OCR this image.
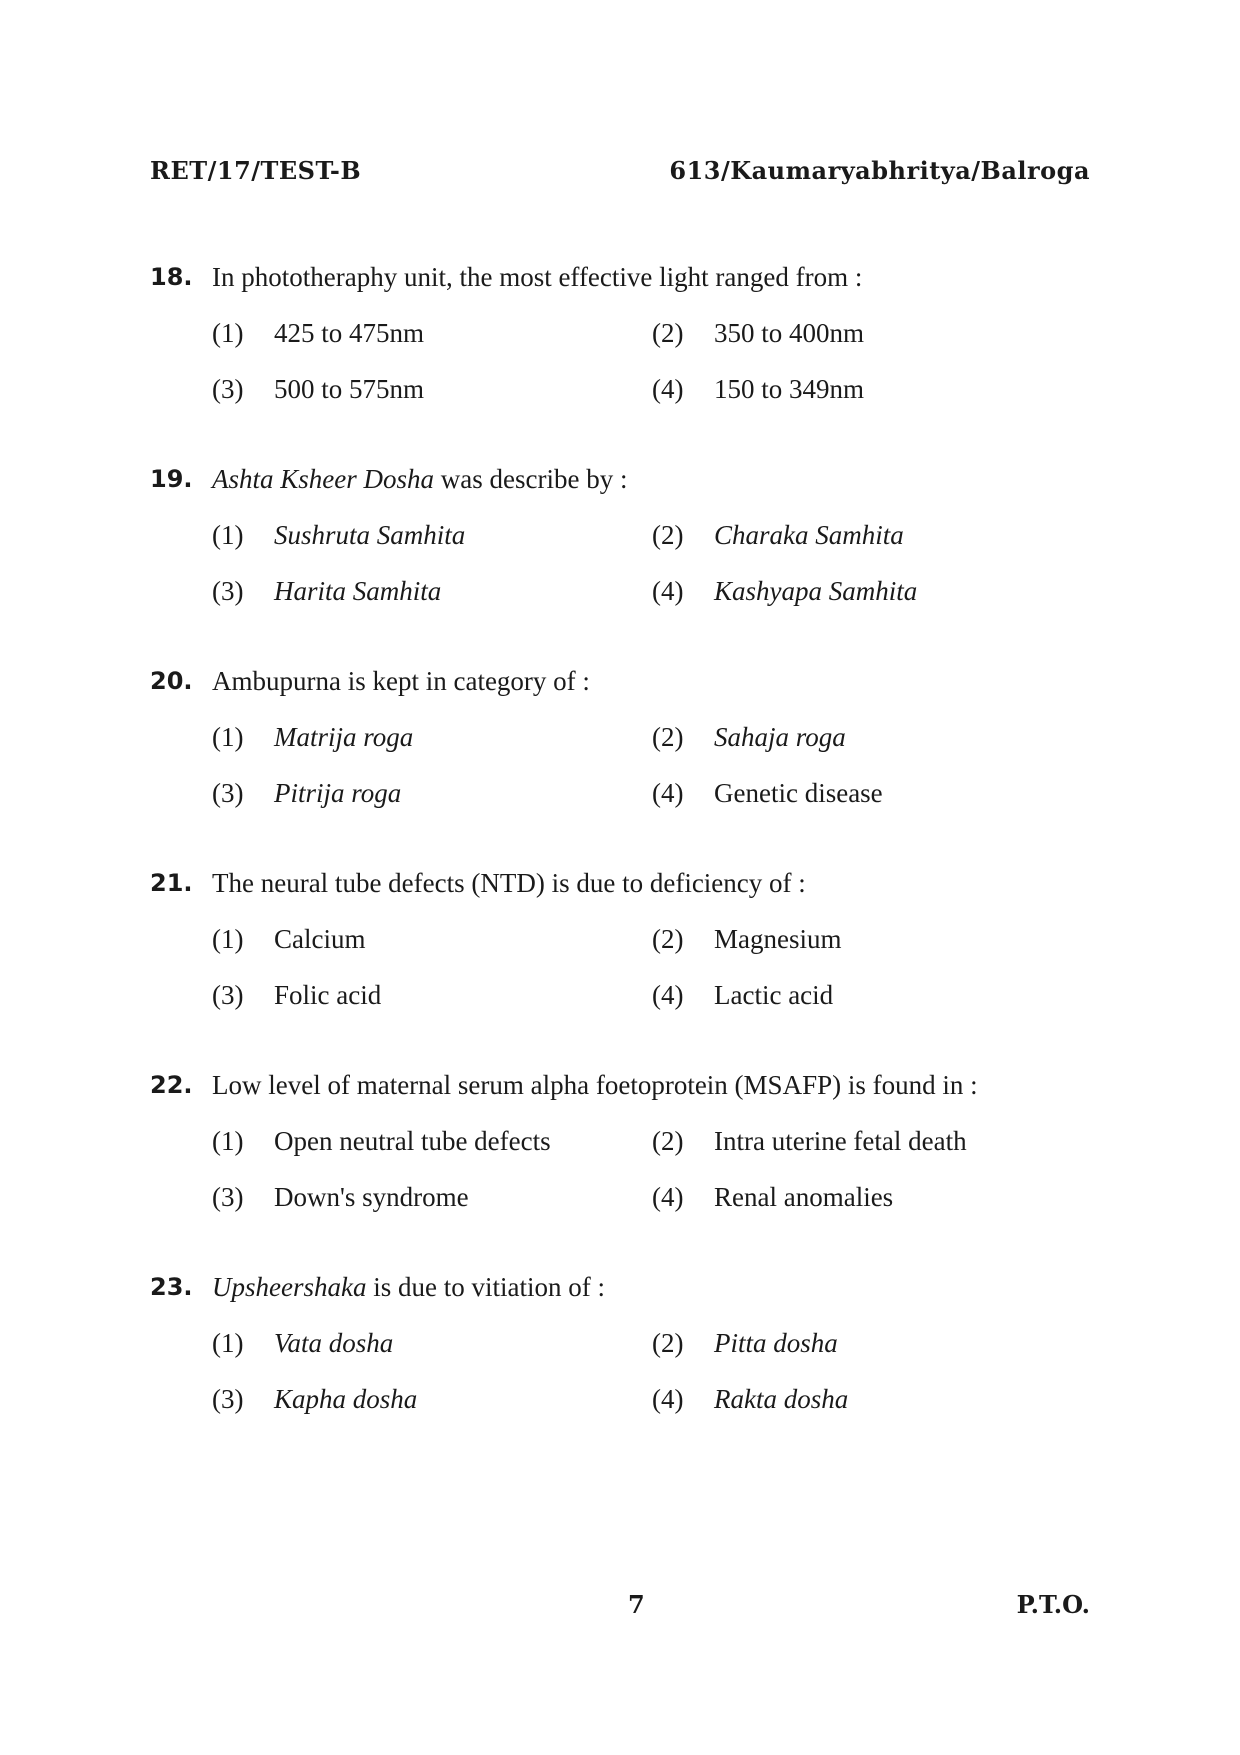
RET/17/TEST-B	613/Kaumaryabhritya/Balroga
18. In phototheraphy unit, the most effective light ranged from :
(1)	425 to 475nm	(2)	350 to 400nm
(3)	500 to 575nm	(4)	150 to 349nm
19. Ashta Ksheer Dosha was describe by :
(1)	Sushruta Samhita	(2)	Charaka Samhita
(3)	Harita Samhita	(4)	Kashyapa Samhita
20. Ambupurna is kept in category of :
(1)	Matrija roga	(2)	Sahaja roga
(3)	Pitrija roga	(4)	Genetic disease
21. The neural tube defects (NTD) is due to deficiency of :
(1)	Calcium	(2)	Magnesium
(3)	Folic acid	(4)	Lactic acid
22. Low level of maternal serum alpha foetoprotein (MSAFP) is found in :
(1)	Open neutral tube defects	(2)	Intra uterine fetal death
(3)	Down's syndrome	(4)	Renal anomalies
23. Upsheershaka is due to vitiation of :
(1)	Vata dosha	(2)	Pitta dosha
(3)	Kapha dosha	(4)	Rakta dosha
7	P.T.O.
